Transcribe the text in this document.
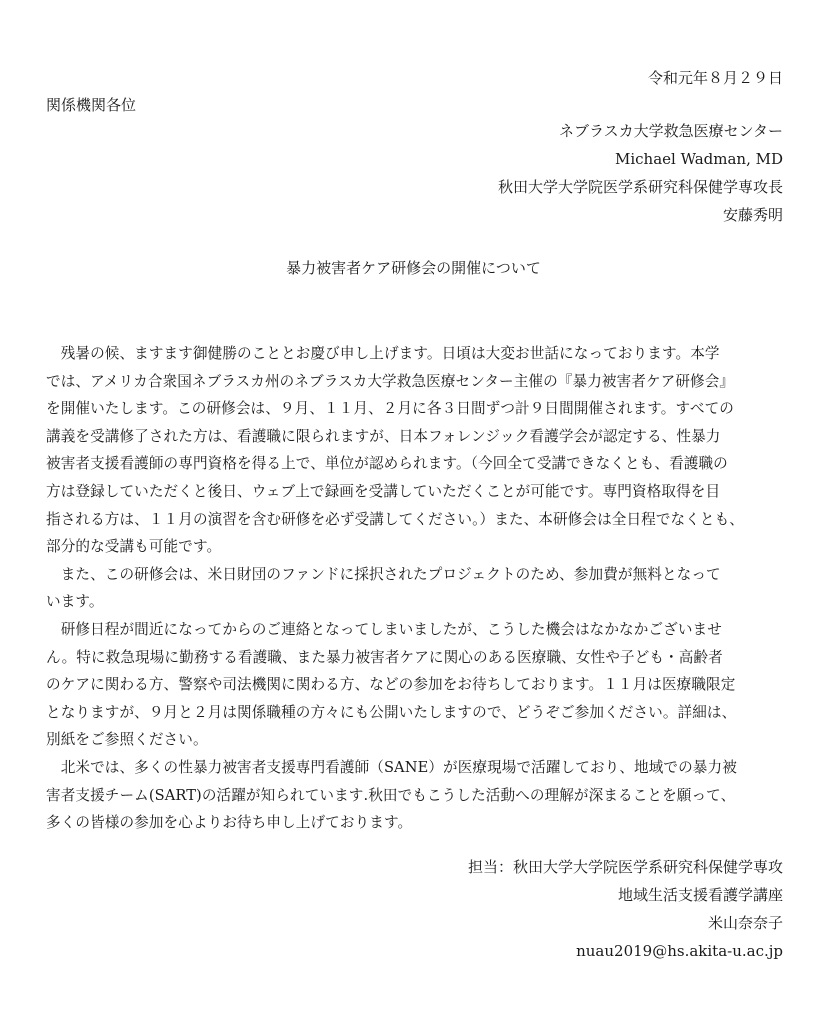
令和元年８月２９日
関係機関各位
ネブラスカ大学救急医療センター
Michael Wadman, MD
秋田大学大学院医学系研究科保健学専攻長
安藤秀明
暴力被害者ケア研修会の開催について
　残暑の候、ますます御健勝のこととお慶び申し上げます。日頃は大変お世話になっております。本学
では、アメリカ合衆国ネブラスカ州のネブラスカ大学救急医療センター主催の『暴力被害者ケア研修会』
を開催いたします。この研修会は、９月、１１月、２月に各３日間ずつ計９日間開催されます。すべての
講義を受講修了された方は、看護職に限られますが、日本フォレンジック看護学会が認定する、性暴力
被害者支援看護師の専門資格を得る上で、単位が認められます。（今回全て受講できなくとも、看護職の
方は登録していただくと後日、ウェブ上で録画を受講していただくことが可能です。専門資格取得を目
指される方は、１１月の演習を含む研修を必ず受講してください。）また、本研修会は全日程でなくとも、
部分的な受講も可能です。
　また、この研修会は、米日財団のファンドに採択されたプロジェクトのため、参加費が無料となって
います。
　研修日程が間近になってからのご連絡となってしまいましたが、こうした機会はなかなかございませ
ん。特に救急現場に勤務する看護職、また暴力被害者ケアに関心のある医療職、女性や子ども・高齢者
のケアに関わる方、警察や司法機関に関わる方、などの参加をお待ちしております。１１月は医療職限定
となりますが、９月と２月は関係職種の方々にも公開いたしますので、どうぞご参加ください。詳細は、
別紙をご参照ください。
　北米では、多くの性暴力被害者支援専門看護師（SANE）が医療現場で活躍しており、地域での暴力被
害者支援チーム(SART)の活躍が知られています.秋田でもこうした活動への理解が深まることを願って、
多くの皆様の参加を心よりお待ち申し上げております。
担当：秋田大学大学院医学系研究科保健学専攻
地域生活支援看護学講座
米山奈奈子
nuau2019@hs.akita-u.ac.jp
